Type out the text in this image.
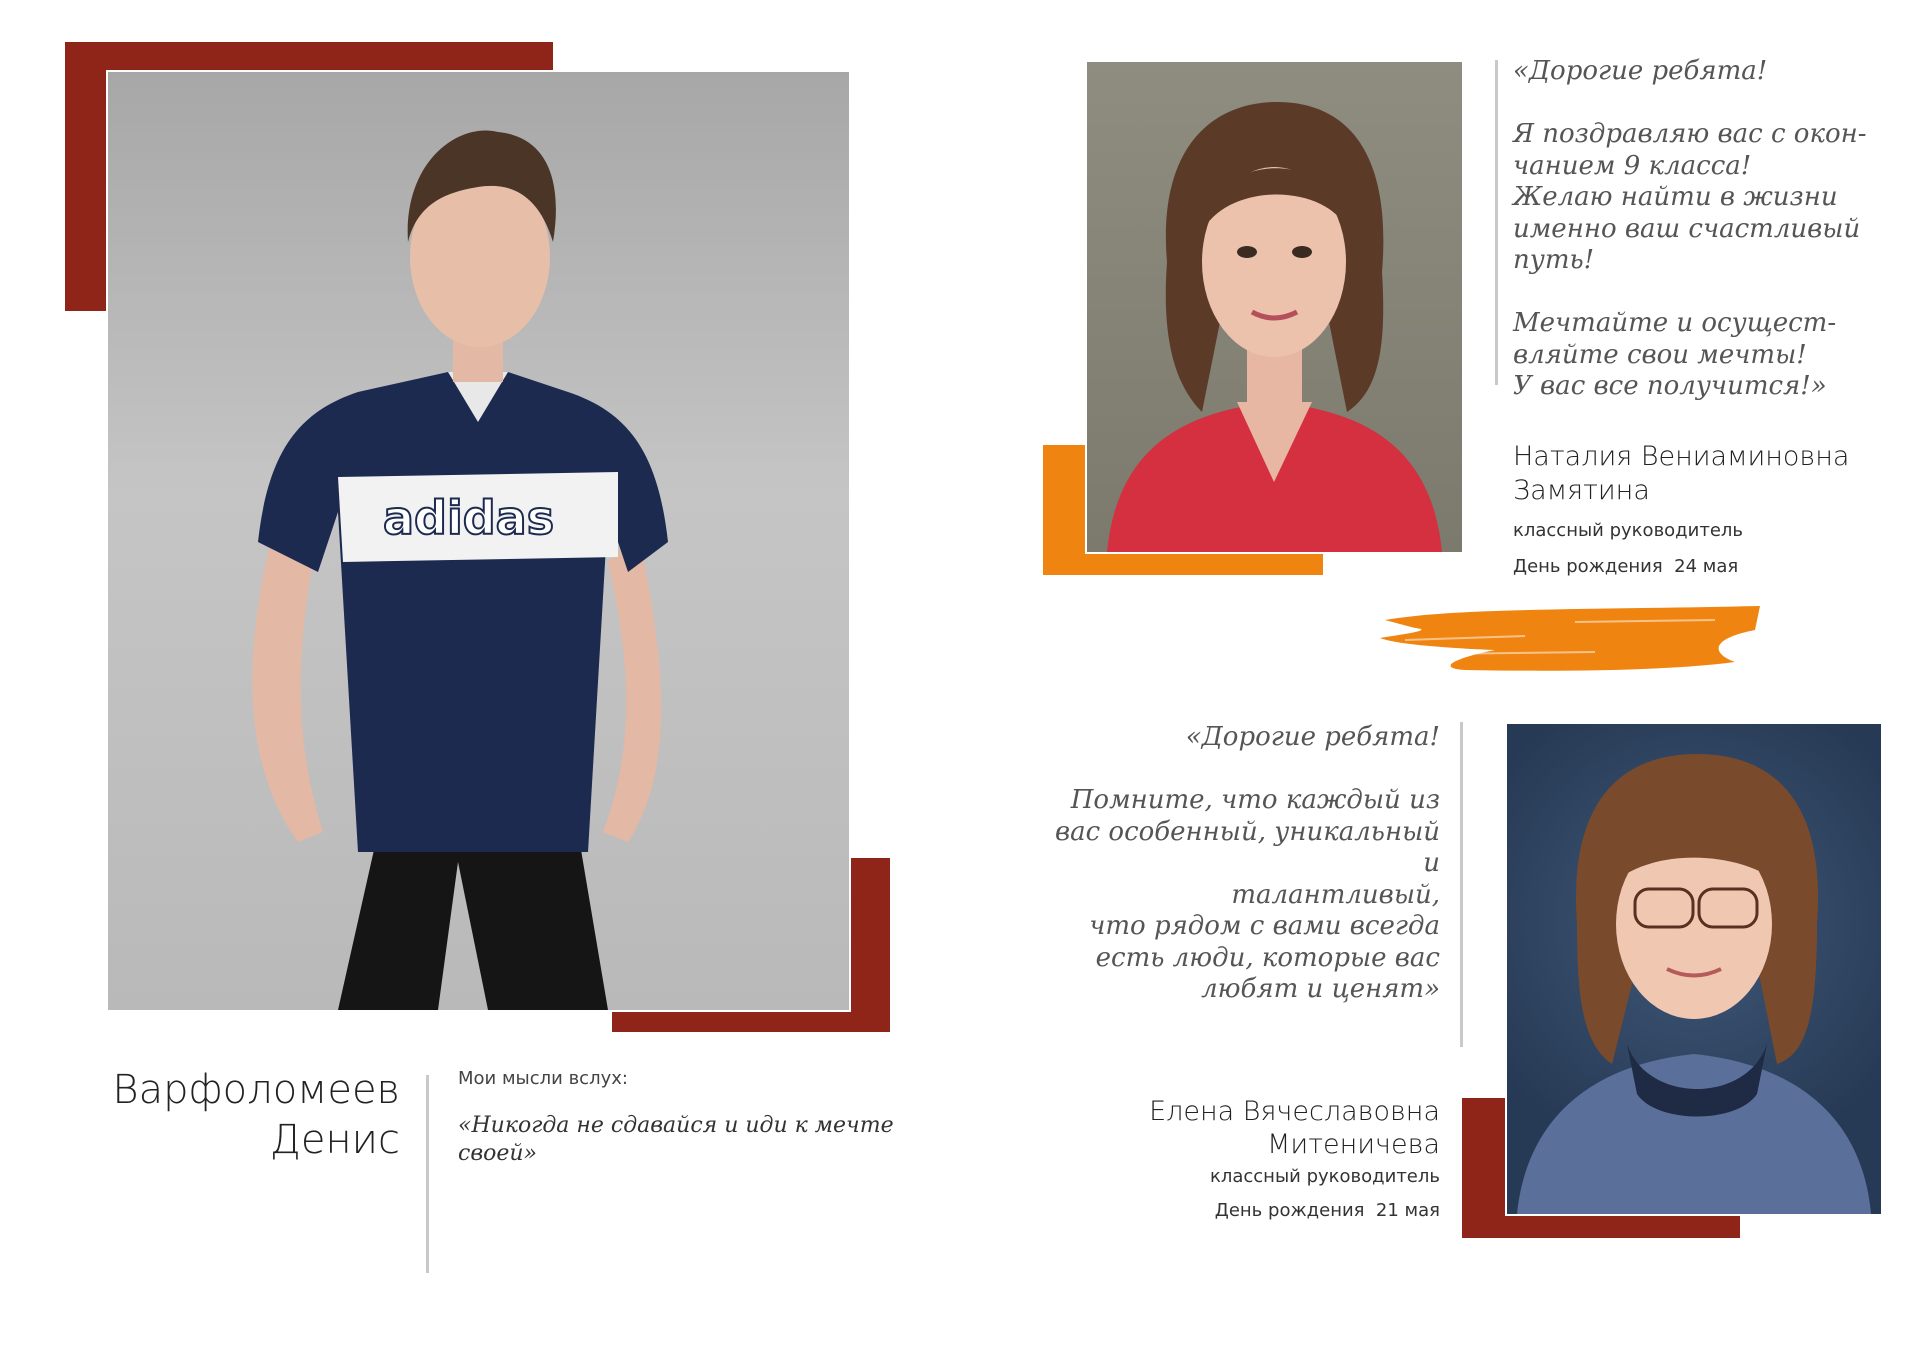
adidas
Варфоломеев
Денис
Мои мысли вслух:
«Никогда не сдавайся и иди к мечте
своей»
«Дорогие ребята!
Я поздравляю вас с окон-
чанием 9 класса!
Желаю найти в жизни
именно ваш счастливый
путь!
Мечтайте и осущест-
вляйте свои мечты!
У вас все получится!»
Наталия Вениаминовна
Замятина
классный руководитель
День рождения  24 мая
«Дорогие ребята!
Помните, что каждый из
вас особенный, уникальный и
талантливый,
что рядом с вами всегда
есть люди, которые вас
любят и ценят»
Елена Вячеславовна
Митеничева
классный руководитель
День рождения  21 мая
